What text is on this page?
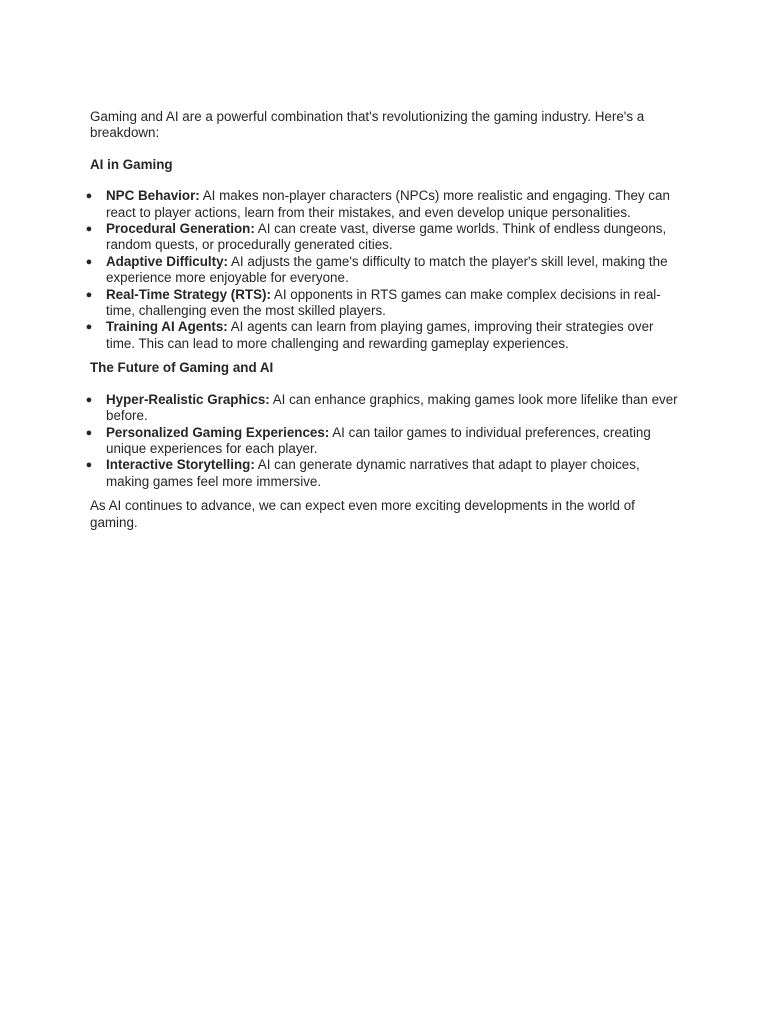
Gaming and AI are a powerful combination that's revolutionizing the gaming industry. Here's a breakdown:

AI in Gaming

● NPC Behavior: AI makes non-player characters (NPCs) more realistic and engaging. They can react to player actions, learn from their mistakes, and even develop unique personalities.
● Procedural Generation: AI can create vast, diverse game worlds. Think of endless dungeons, random quests, or procedurally generated cities.
● Adaptive Difficulty: AI adjusts the game's difficulty to match the player's skill level, making the experience more enjoyable for everyone.
● Real-Time Strategy (RTS): AI opponents in RTS games can make complex decisions in real-time, challenging even the most skilled players.
● Training AI Agents: AI agents can learn from playing games, improving their strategies over time. This can lead to more challenging and rewarding gameplay experiences.

The Future of Gaming and AI

● Hyper-Realistic Graphics: AI can enhance graphics, making games look more lifelike than ever before.
● Personalized Gaming Experiences: AI can tailor games to individual preferences, creating unique experiences for each player.
● Interactive Storytelling: AI can generate dynamic narratives that adapt to player choices, making games feel more immersive.

As AI continues to advance, we can expect even more exciting developments in the world of gaming.
